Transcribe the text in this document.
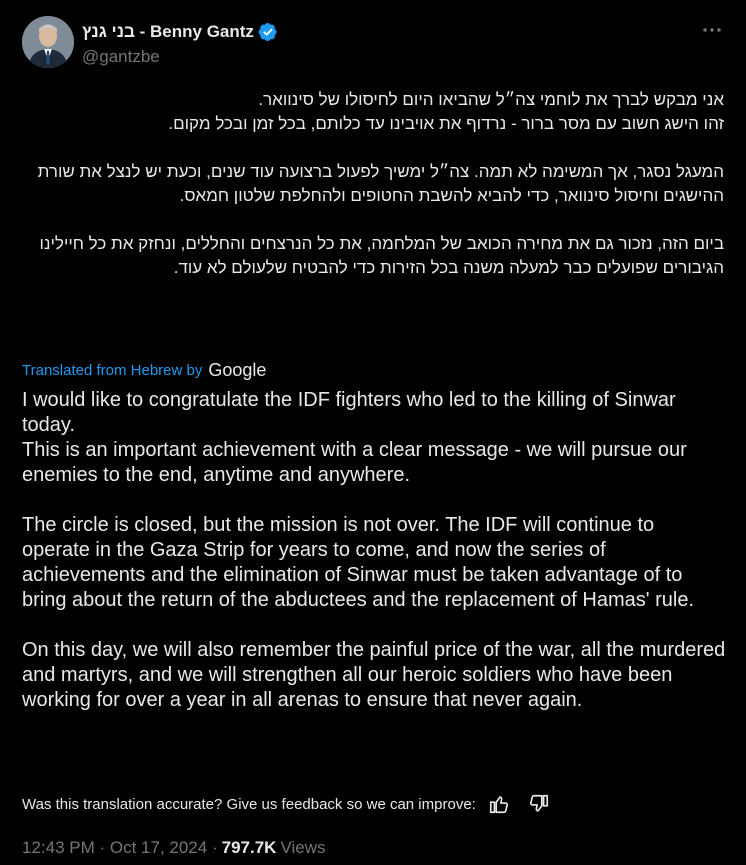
בני גנץ - Benny Gantz
@gantzbe

אני מבקש לברך את לוחמי צה״ל שהביאו היום לחיסולו של סינוואר.

זהו הישג חשוב עם מסר ברור - נרדוף את אויבינו עד כלותם, בכל זמן ובכל מקום.

המעגל נסגר, אך המשימה לא תמה. צה״ל ימשיך לפעול ברצועה עוד שנים, וכעת יש לנצל את שורת ההישגים וחיסול סינוואר, כדי להביא להשבת החטופים ולהחלפת שלטון חמאס.

ביום הזה, נזכור גם את מחירה הכואב של המלחמה, את כל הנרצחים והחללים, ונחזק את כל חיילינו הגיבורים שפועלים כבר למעלה משנה בכל הזירות כדי להבטיח שלעולם לא עוד.

Translated from Hebrew by Google

I would like to congratulate the IDF fighters who led to the killing of Sinwar today.

This is an important achievement with a clear message - we will pursue our enemies to the end, anytime and anywhere.

The circle is closed, but the mission is not over. The IDF will continue to operate in the Gaza Strip for years to come, and now the series of achievements and the elimination of Sinwar must be taken advantage of to bring about the return of the abductees and the replacement of Hamas' rule.

On this day, we will also remember the painful price of the war, all the murdered and martyrs, and we will strengthen all our heroic soldiers who have been working for over a year in all arenas to ensure that never again.

Was this translation accurate? Give us feedback so we can improve:
12:43 PM · Oct 17, 2024 · 797.7K Views
